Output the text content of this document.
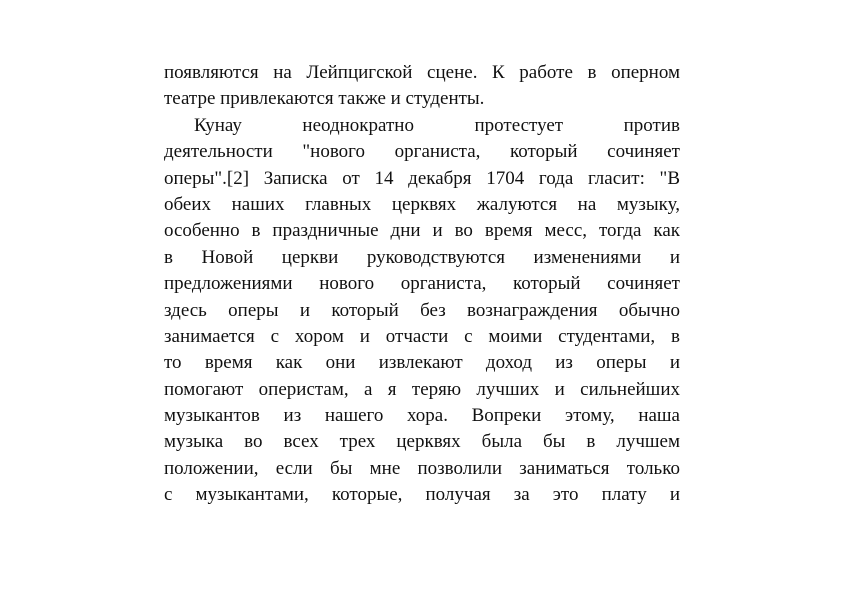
появляются на Лейпцигской сцене. К работе в оперном
театре привлекаются также и студенты.

Кунау неоднократно протестует против
деятельности "нового органиста, который сочиняет
оперы".[2] Записка от 14 декабря 1704 года гласит: "В
обеих наших главных церквях жалуются на музыку,
особенно в праздничные дни и во время месс, тогда как
в Новой церкви руководствуются изменениями и
предложениями нового органиста, который сочиняет
здесь оперы и который без вознаграждения обычно
занимается с хором и отчасти с моими студентами, в
то время как они извлекают доход из оперы и
помогают оперистам, а я теряю лучших и сильнейших
музыкантов из нашего хора. Вопреки этому, наша
музыка во всех трех церквях была бы в лучшем
положении, если бы мне позволили заниматься только
с музыкантами, которые, получая за это плату и
